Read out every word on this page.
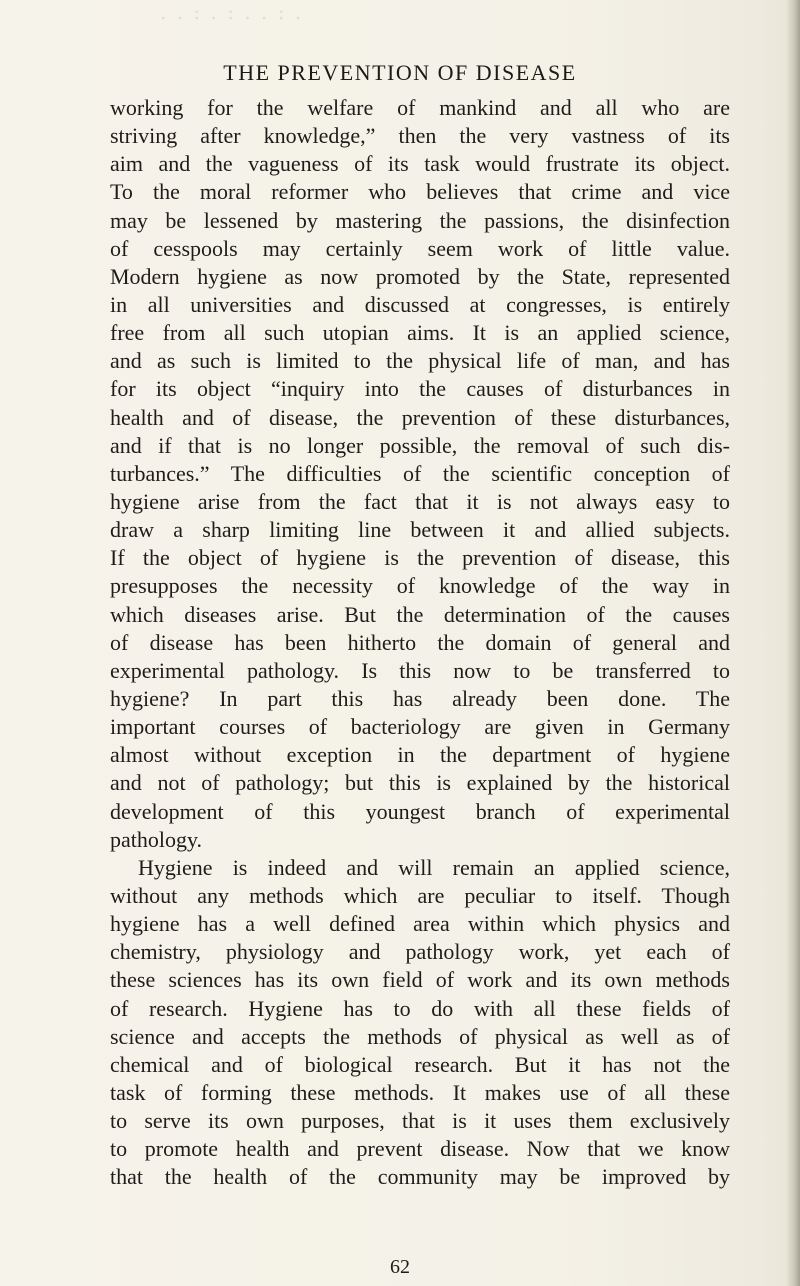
. . : . : . . : .
THE PREVENTION OF DISEASE
working for the welfare of mankind and all who are
striving after knowledge,” then the very vastness of its
aim and the vagueness of its task would frustrate its object.
To the moral reformer who believes that crime and vice
may be lessened by mastering the passions, the disinfection
of cesspools may certainly seem work of little value.
Modern hygiene as now promoted by the State, represented
in all universities and discussed at congresses, is entirely
free from all such utopian aims. It is an applied science,
and as such is limited to the physical life of man, and has
for its object “inquiry into the causes of disturbances in
health and of disease, the prevention of these disturbances,
and if that is no longer possible, the removal of such dis-
turbances.” The difficulties of the scientific conception of
hygiene arise from the fact that it is not always easy to
draw a sharp limiting line between it and allied subjects.
If the object of hygiene is the prevention of disease, this
presupposes the necessity of knowledge of the way in
which diseases arise. But the determination of the causes
of disease has been hitherto the domain of general and
experimental pathology. Is this now to be transferred to
hygiene? In part this has already been done. The
important courses of bacteriology are given in Germany
almost without exception in the department of hygiene
and not of pathology; but this is explained by the historical
development of this youngest branch of experimental
pathology.
Hygiene is indeed and will remain an applied science,
without any methods which are peculiar to itself. Though
hygiene has a well defined area within which physics and
chemistry, physiology and pathology work, yet each of
these sciences has its own field of work and its own methods
of research. Hygiene has to do with all these fields of
science and accepts the methods of physical as well as of
chemical and of biological research. But it has not the
task of forming these methods. It makes use of all these
to serve its own purposes, that is it uses them exclusively
to promote health and prevent disease. Now that we know
that the health of the community may be improved by
62
